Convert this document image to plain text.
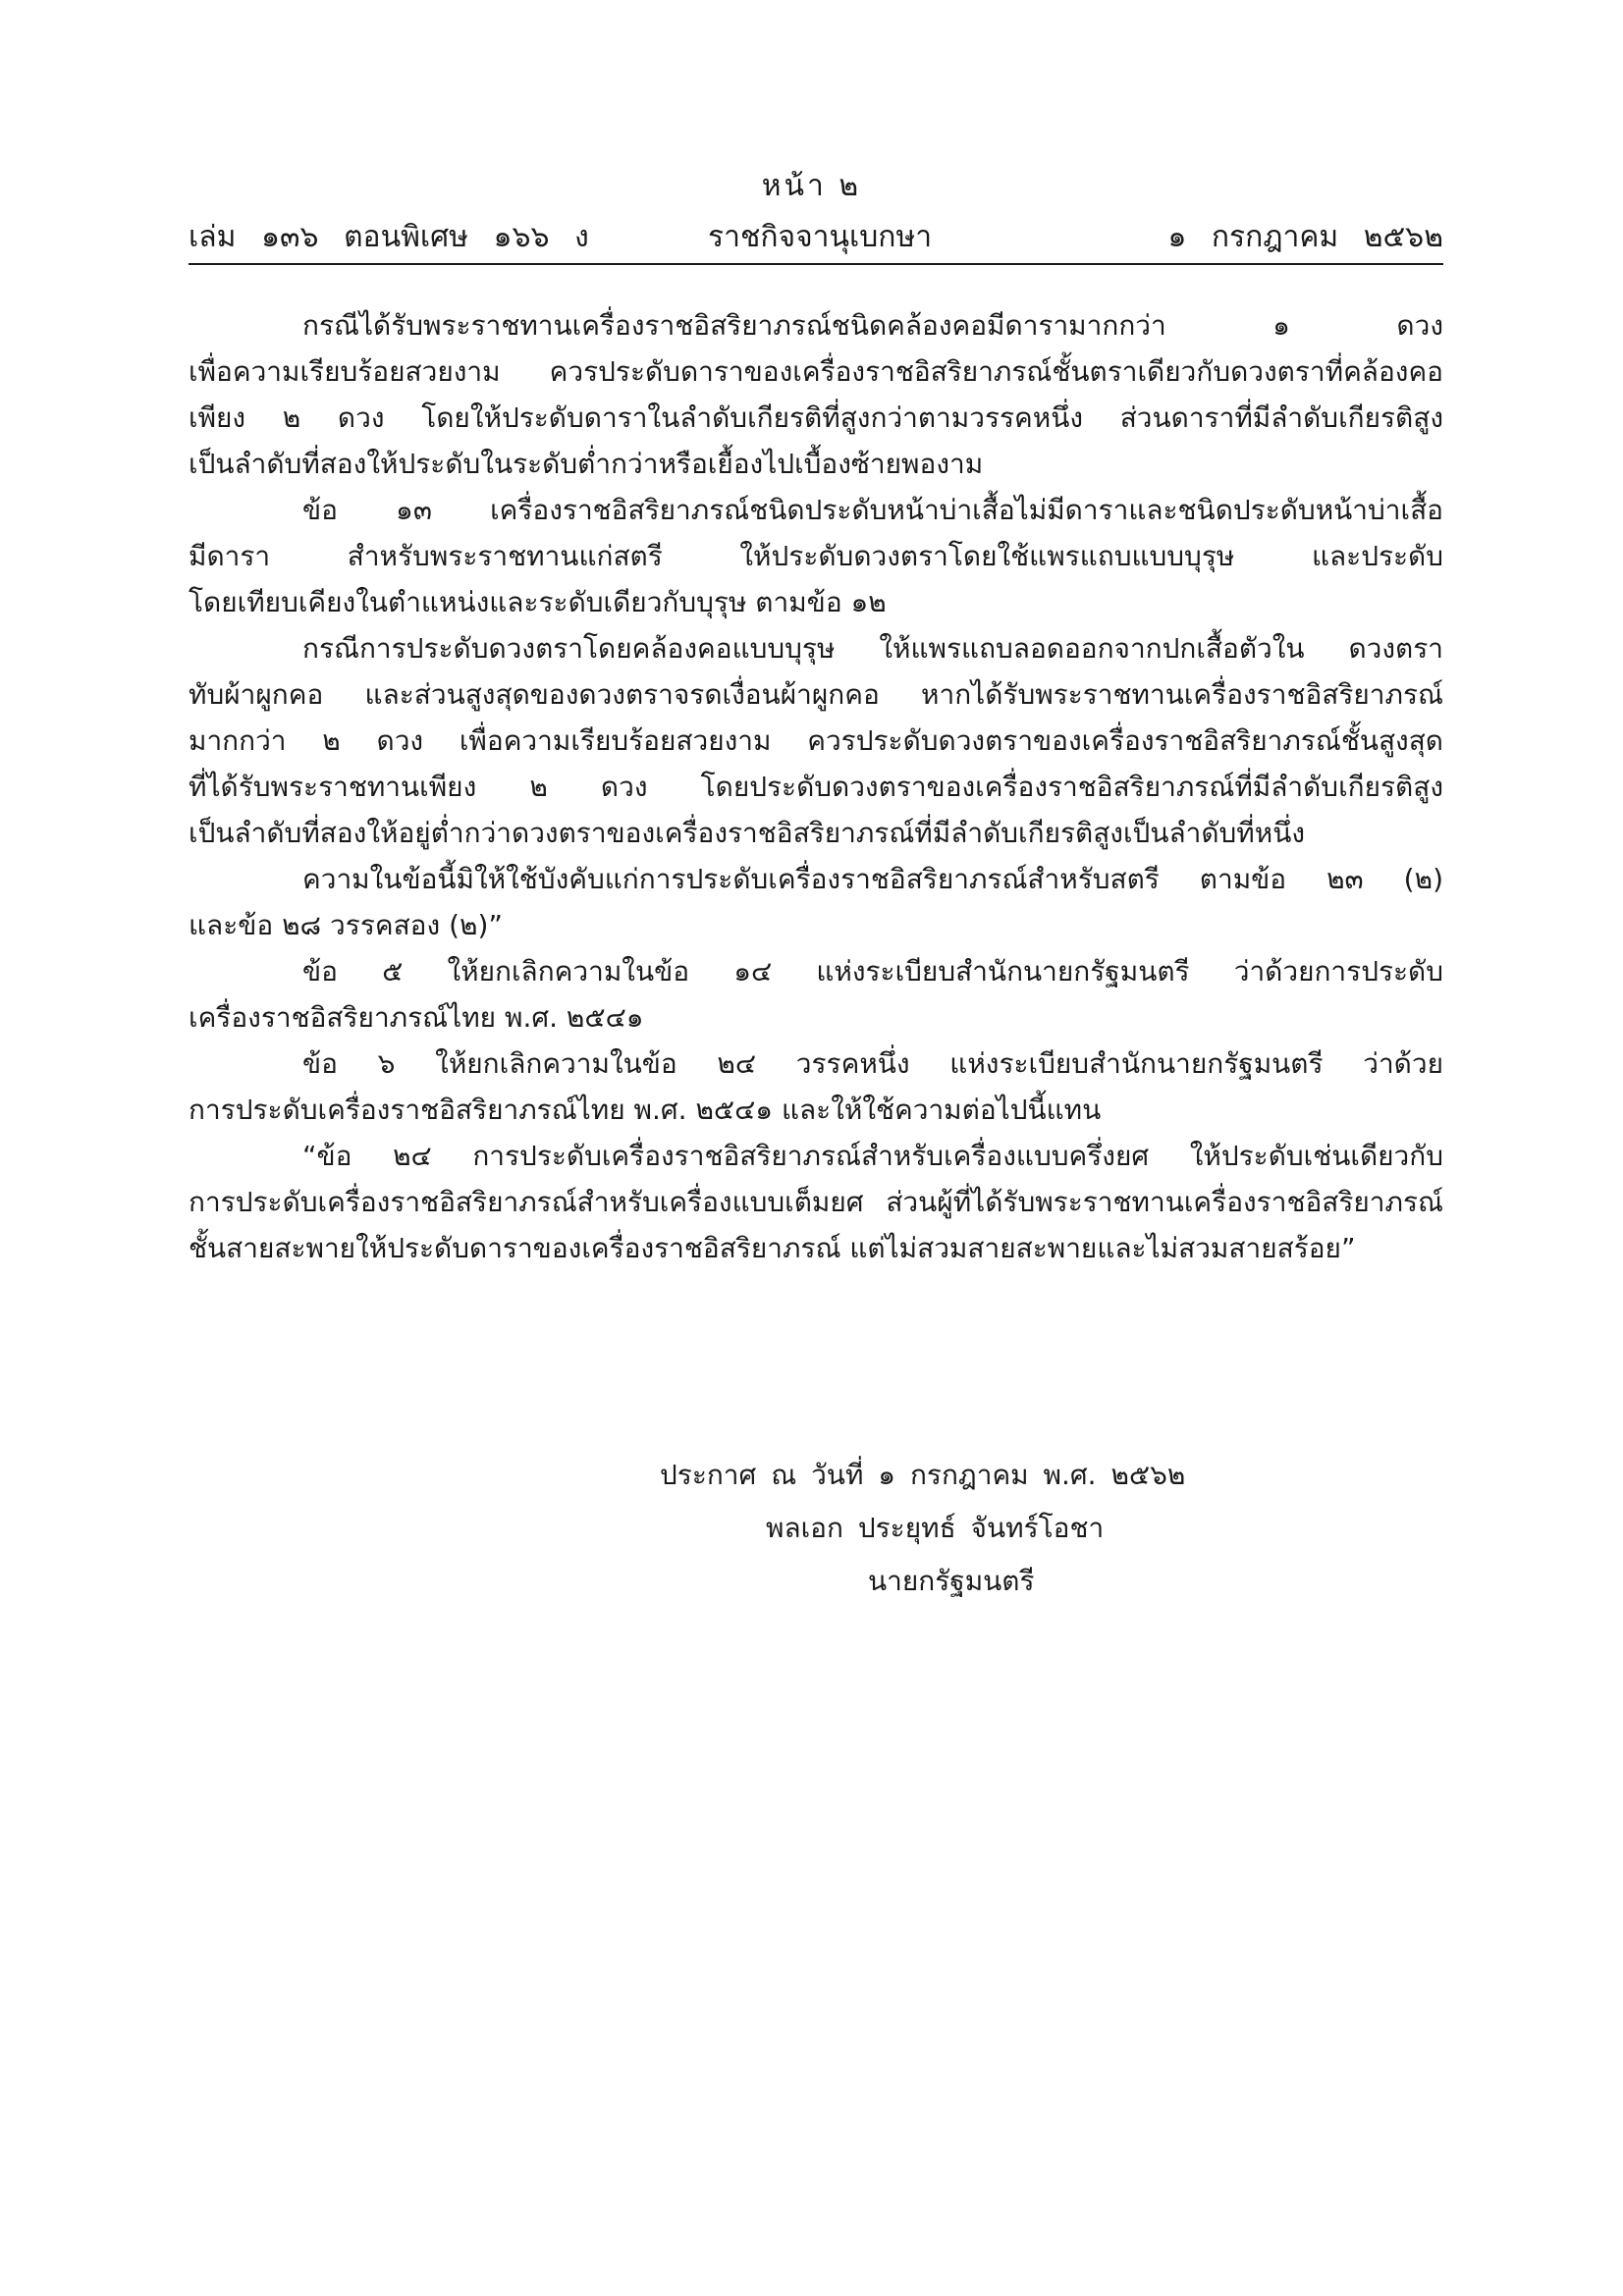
หน้า ๒
เล่ม ๑๓๖ ตอนพิเศษ ๑๖๖ ง	ราชกิจจานุเบกษา	๑ กรกฎาคม ๒๕๖๒
กรณีได้รับพระราชทานเครื่องราชอิสริยาภรณ์ชนิดคล้องคอมีดารามากกว่า ๑ ดวง
เพื่อความเรียบร้อยสวยงาม ควรประดับดาราของเครื่องราชอิสริยาภรณ์ชั้นตราเดียวกับดวงตราที่คล้องคอ
เพียง ๒ ดวง โดยให้ประดับดาราในลำดับเกียรติที่สูงกว่าตามวรรคหนึ่ง ส่วนดาราที่มีลำดับเกียรติสูง
เป็นลำดับที่สองให้ประดับในระดับต่ำกว่าหรือเยื้องไปเบื้องซ้ายพองาม
ข้อ ๑๓ เครื่องราชอิสริยาภรณ์ชนิดประดับหน้าบ่าเสื้อไม่มีดาราและชนิดประดับหน้าบ่าเสื้อ
มีดารา สำหรับพระราชทานแก่สตรี ให้ประดับดวงตราโดยใช้แพรแถบแบบบุรุษ และประดับ
โดยเทียบเคียงในตำแหน่งและระดับเดียวกับบุรุษ ตามข้อ ๑๒
กรณีการประดับดวงตราโดยคล้องคอแบบบุรุษ ให้แพรแถบลอดออกจากปกเสื้อตัวใน ดวงตรา
ทับผ้าผูกคอ และส่วนสูงสุดของดวงตราจรดเงื่อนผ้าผูกคอ หากได้รับพระราชทานเครื่องราชอิสริยาภรณ์
มากกว่า ๒ ดวง เพื่อความเรียบร้อยสวยงาม ควรประดับดวงตราของเครื่องราชอิสริยาภรณ์ชั้นสูงสุด
ที่ได้รับพระราชทานเพียง ๒ ดวง โดยประดับดวงตราของเครื่องราชอิสริยาภรณ์ที่มีลำดับเกียรติสูง
เป็นลำดับที่สองให้อยู่ต่ำกว่าดวงตราของเครื่องราชอิสริยาภรณ์ที่มีลำดับเกียรติสูงเป็นลำดับที่หนึ่ง
ความในข้อนี้มิให้ใช้บังคับแก่การประดับเครื่องราชอิสริยาภรณ์สำหรับสตรี ตามข้อ ๒๓ (๒)
และข้อ ๒๘ วรรคสอง (๒)”
ข้อ ๕ ให้ยกเลิกความในข้อ ๑๔ แห่งระเบียบสำนักนายกรัฐมนตรี ว่าด้วยการประดับ
เครื่องราชอิสริยาภรณ์ไทย พ.ศ. ๒๕๔๑
ข้อ ๖ ให้ยกเลิกความในข้อ ๒๔ วรรคหนึ่ง แห่งระเบียบสำนักนายกรัฐมนตรี ว่าด้วย
การประดับเครื่องราชอิสริยาภรณ์ไทย พ.ศ. ๒๕๔๑ และให้ใช้ความต่อไปนี้แทน
“ข้อ ๒๔ การประดับเครื่องราชอิสริยาภรณ์สำหรับเครื่องแบบครึ่งยศ ให้ประดับเช่นเดียวกับ
การประดับเครื่องราชอิสริยาภรณ์สำหรับเครื่องแบบเต็มยศ ส่วนผู้ที่ได้รับพระราชทานเครื่องราชอิสริยาภรณ์
ชั้นสายสะพายให้ประดับดาราของเครื่องราชอิสริยาภรณ์ แต่ไม่สวมสายสะพายและไม่สวมสายสร้อย”
ประกาศ ณ วันที่ ๑ กรกฎาคม พ.ศ. ๒๕๖๒
พลเอก ประยุทธ์ จันทร์โอชา
นายกรัฐมนตรี
